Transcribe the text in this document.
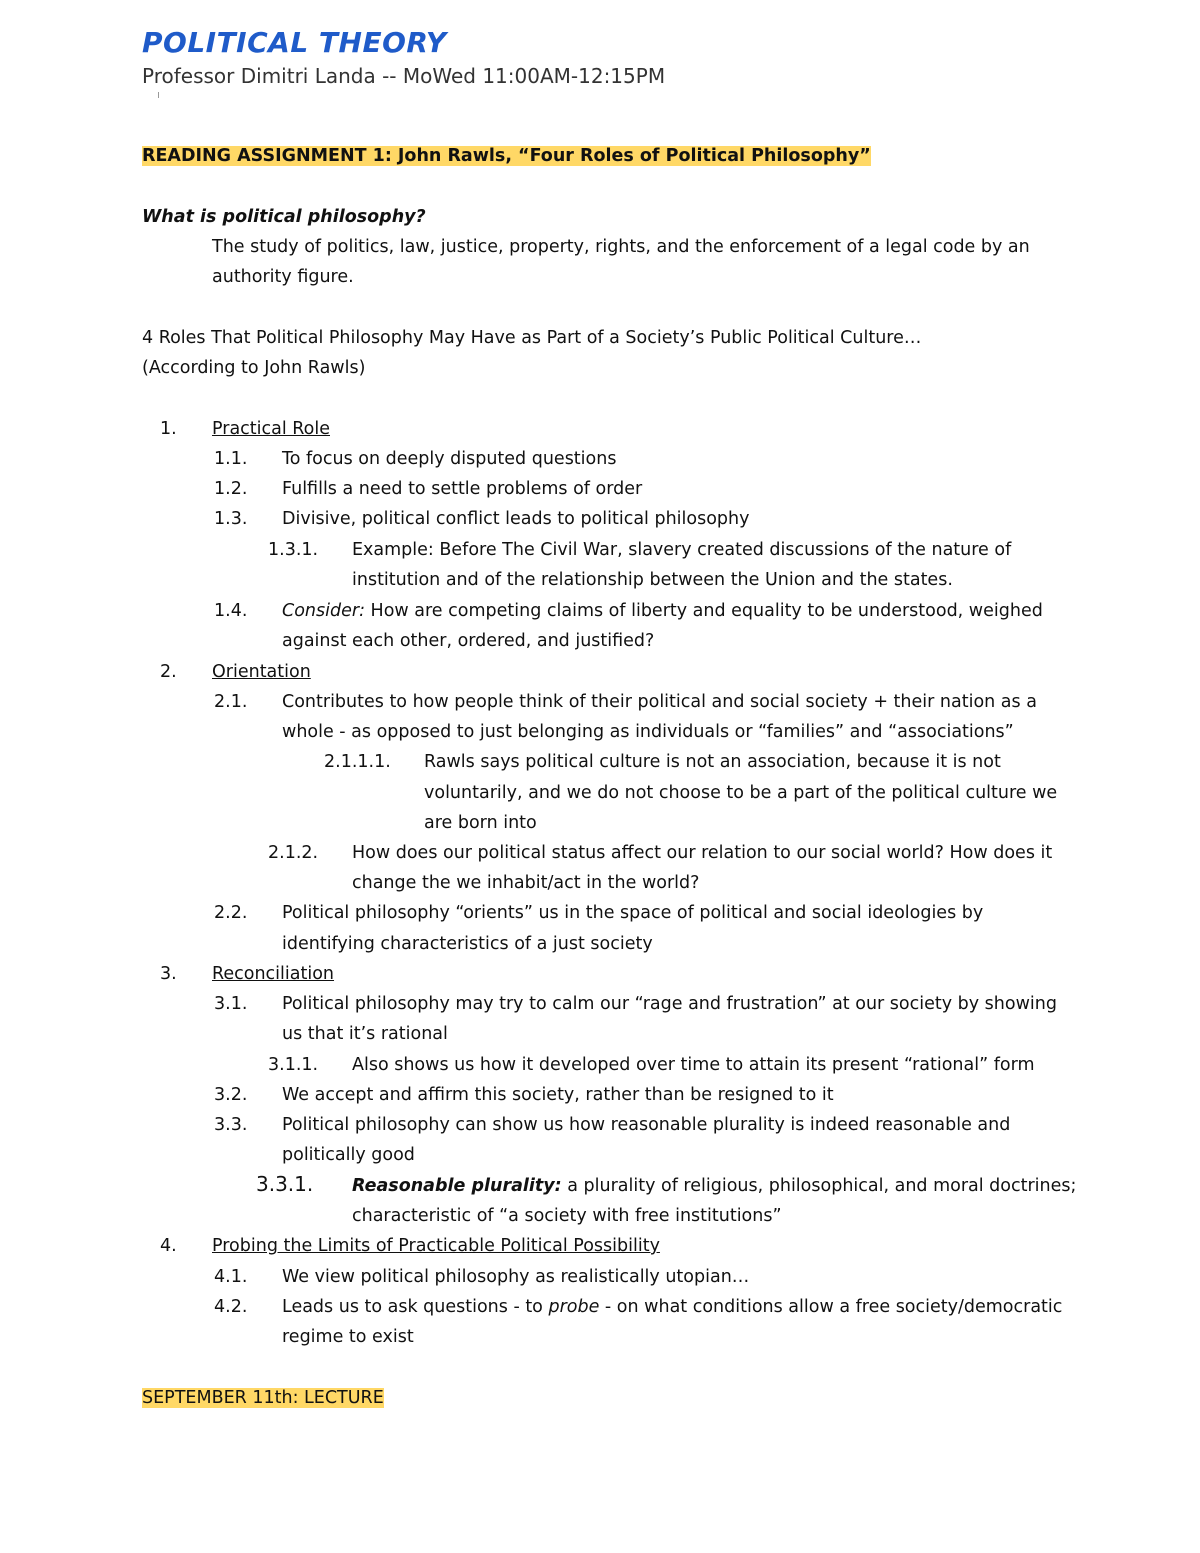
POLITICAL THEORY
Professor Dimitri Landa -- MoWed 11:00AM-12:15PM
READING ASSIGNMENT 1: John Rawls, “Four Roles of Political Philosophy”
What is political philosophy?
The study of politics, law, justice, property, rights, and the enforcement of a legal code by an
authority figure.
4 Roles That Political Philosophy May Have as Part of a Society’s Public Political Culture…
(According to John Rawls)
1. Practical Role
1.1. To focus on deeply disputed questions
1.2. Fulfills a need to settle problems of order
1.3. Divisive, political conflict leads to political philosophy
1.3.1. Example: Before The Civil War, slavery created discussions of the nature of
institution and of the relationship between the Union and the states.
1.4. Consider: How are competing claims of liberty and equality to be understood, weighed
against each other, ordered, and justified?
2. Orientation
2.1. Contributes to how people think of their political and social society + their nation as a
whole - as opposed to just belonging as individuals or “families” and “associations”
2.1.1.1. Rawls says political culture is not an association, because it is not
voluntarily, and we do not choose to be a part of the political culture we
are born into
2.1.2. How does our political status affect our relation to our social world? How does it
change the we inhabit/act in the world?
2.2. Political philosophy “orients” us in the space of political and social ideologies by
identifying characteristics of a just society
3. Reconciliation
3.1. Political philosophy may try to calm our “rage and frustration” at our society by showing
us that it’s rational
3.1.1. Also shows us how it developed over time to attain its present “rational” form
3.2. We accept and affirm this society, rather than be resigned to it
3.3. Political philosophy can show us how reasonable plurality is indeed reasonable and
politically good
3.3.1. Reasonable plurality: a plurality of religious, philosophical, and moral doctrines;
characteristic of “a society with free institutions”
4. Probing the Limits of Practicable Political Possibility
4.1. We view political philosophy as realistically utopian…
4.2. Leads us to ask questions - to probe - on what conditions allow a free society/democratic
regime to exist
SEPTEMBER 11th: LECTURE
